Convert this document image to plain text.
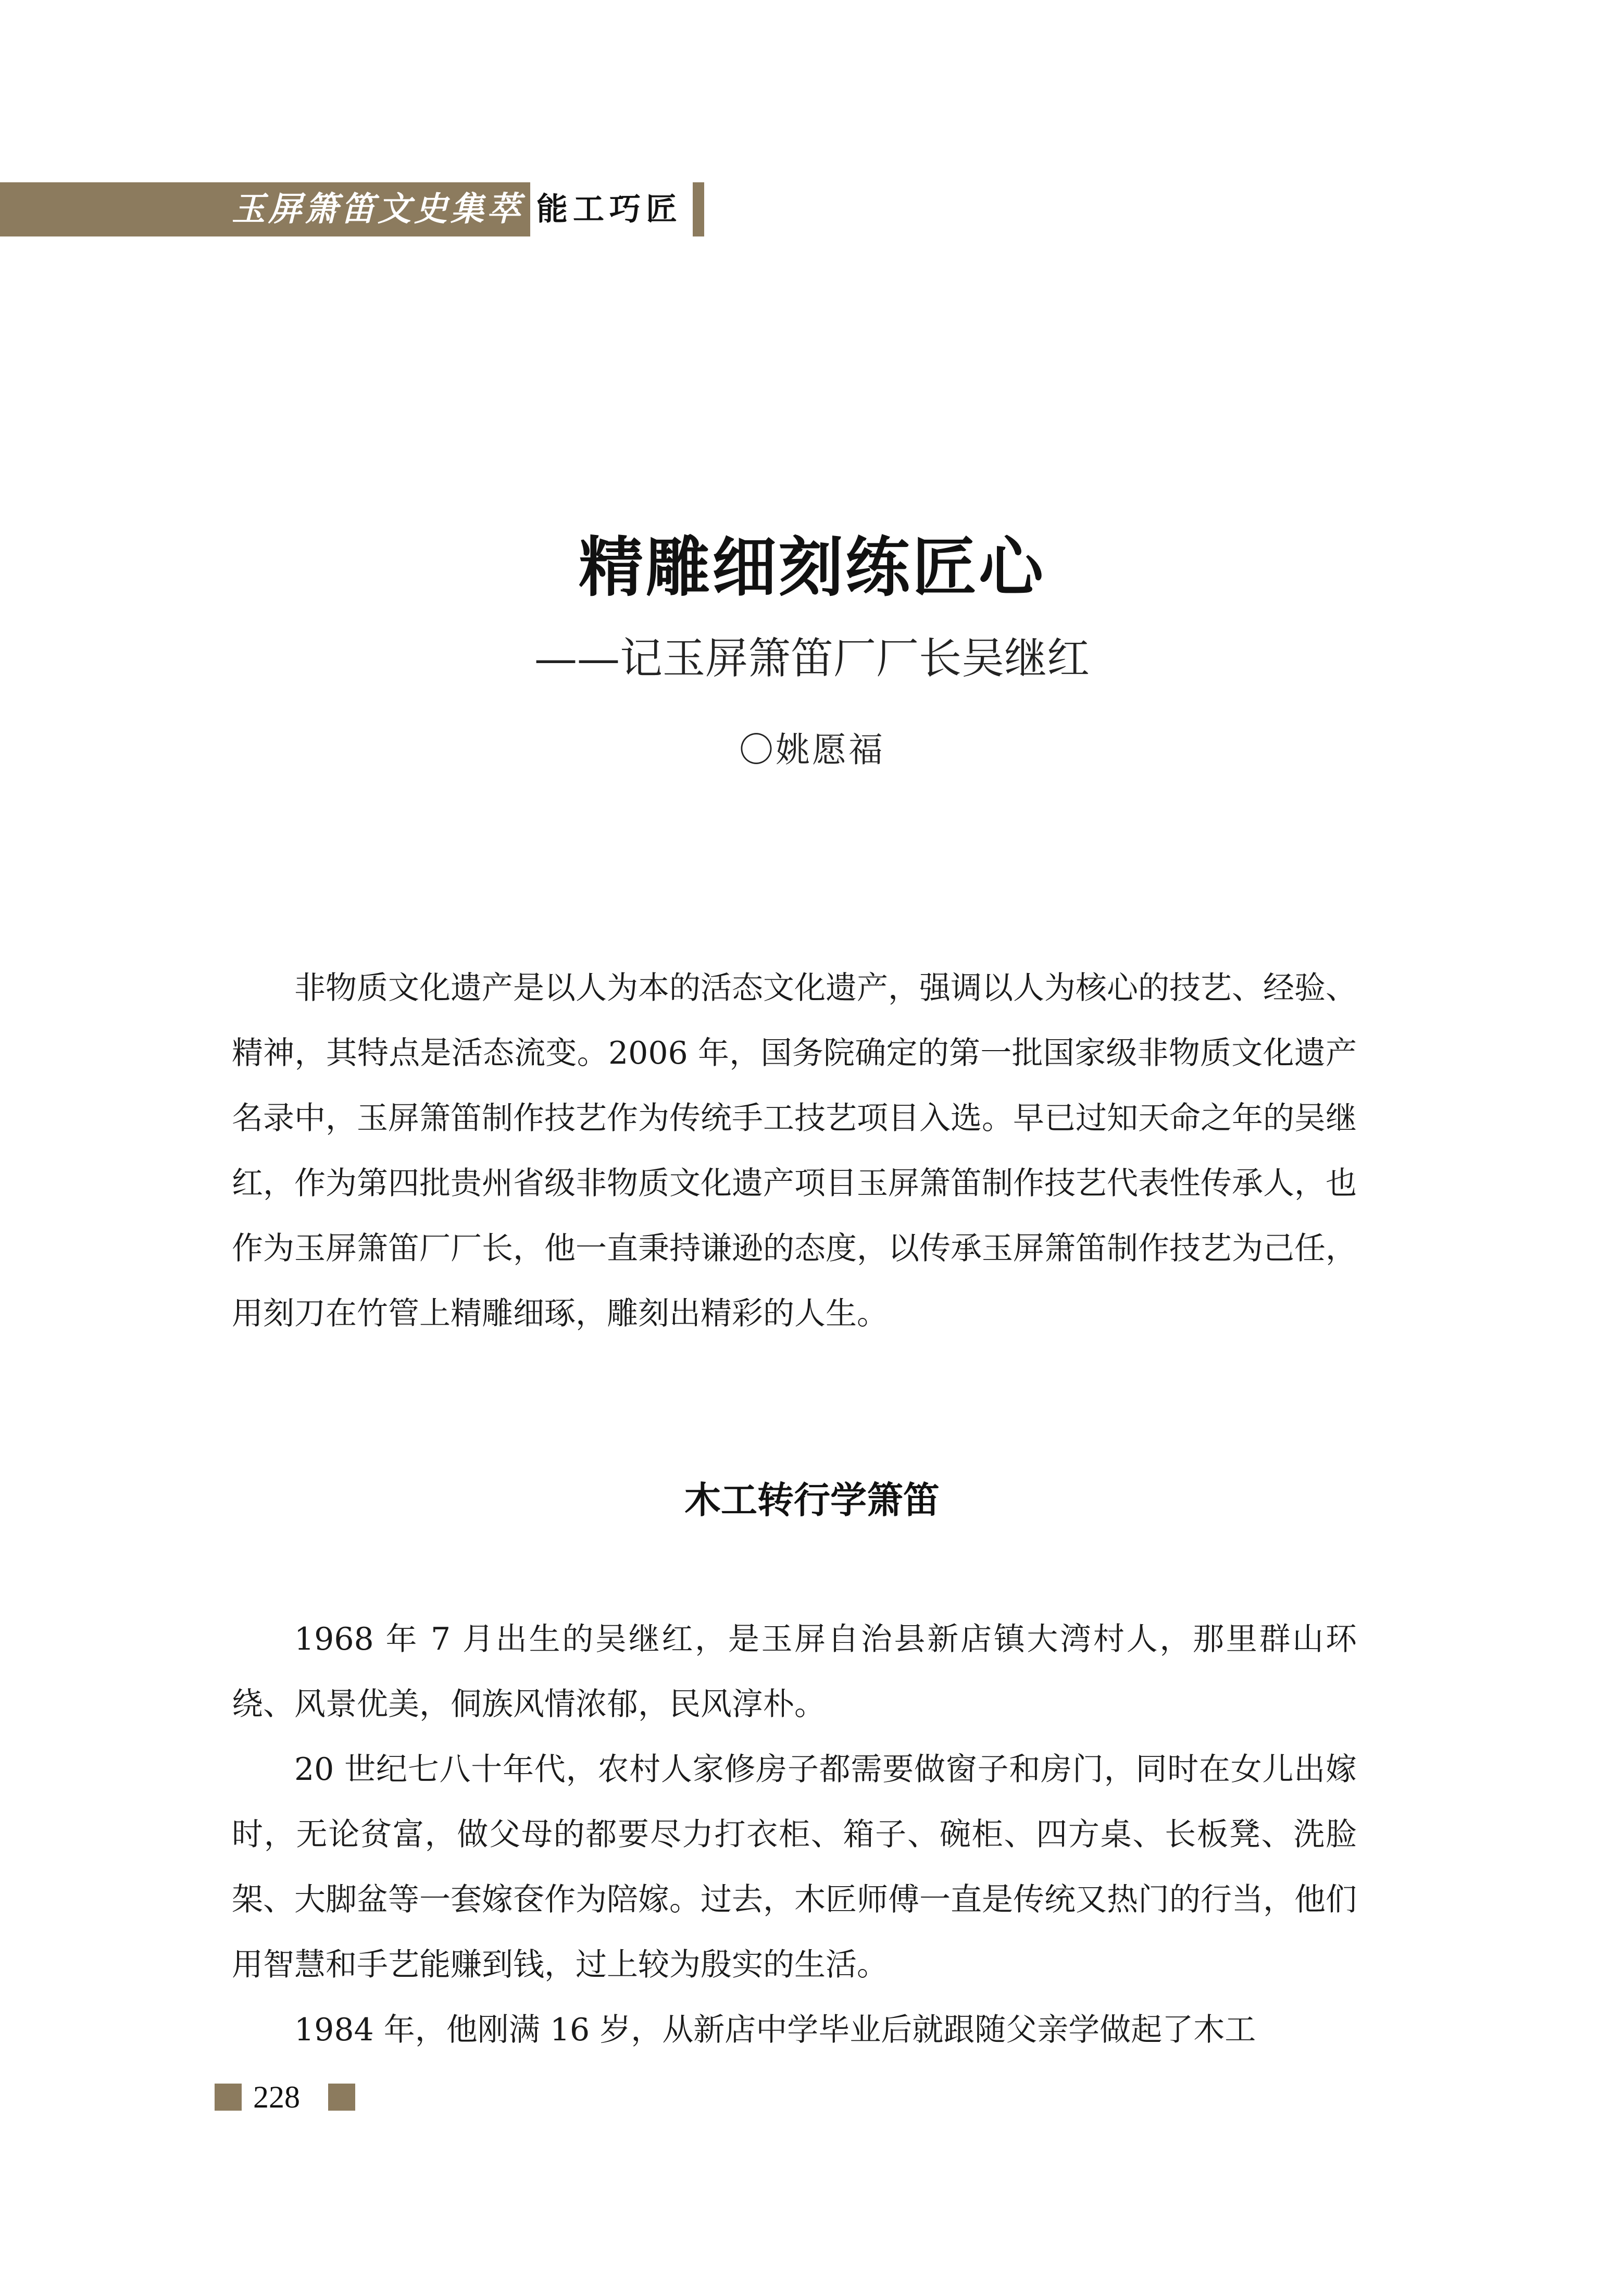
玉屏箫笛文史集萃 能工巧匠
精雕细刻练匠心
——记玉屏箫笛厂厂长吴继红
〇姚愿福

非物质文化遗产是以人为本的活态文化遗产，强调以人为核心的技艺、经验、精神，其特点是活态流变。2006 年，国务院确定的第一批国家级非物质文化遗产名录中，玉屏箫笛制作技艺作为传统手工技艺项目入选。早已过知天命之年的吴继红，作为第四批贵州省级非物质文化遗产项目玉屏箫笛制作技艺代表性传承人，也作为玉屏箫笛厂厂长，他一直秉持谦逊的态度，以传承玉屏箫笛制作技艺为己任，用刻刀在竹管上精雕细琢，雕刻出精彩的人生。

木工转行学箫笛

1968 年 7 月出生的吴继红，是玉屏自治县新店镇大湾村人，那里群山环绕、风景优美，侗族风情浓郁，民风淳朴。

20 世纪七八十年代，农村人家修房子都需要做窗子和房门，同时在女儿出嫁时，无论贫富，做父母的都要尽力打衣柜、箱子、碗柜、四方桌、长板凳、洗脸架、大脚盆等一套嫁奁作为陪嫁。过去，木匠师傅一直是传统又热门的行当，他们用智慧和手艺能赚到钱，过上较为殷实的生活。

1984 年，他刚满 16 岁，从新店中学毕业后就跟随父亲学做起了木工

228
